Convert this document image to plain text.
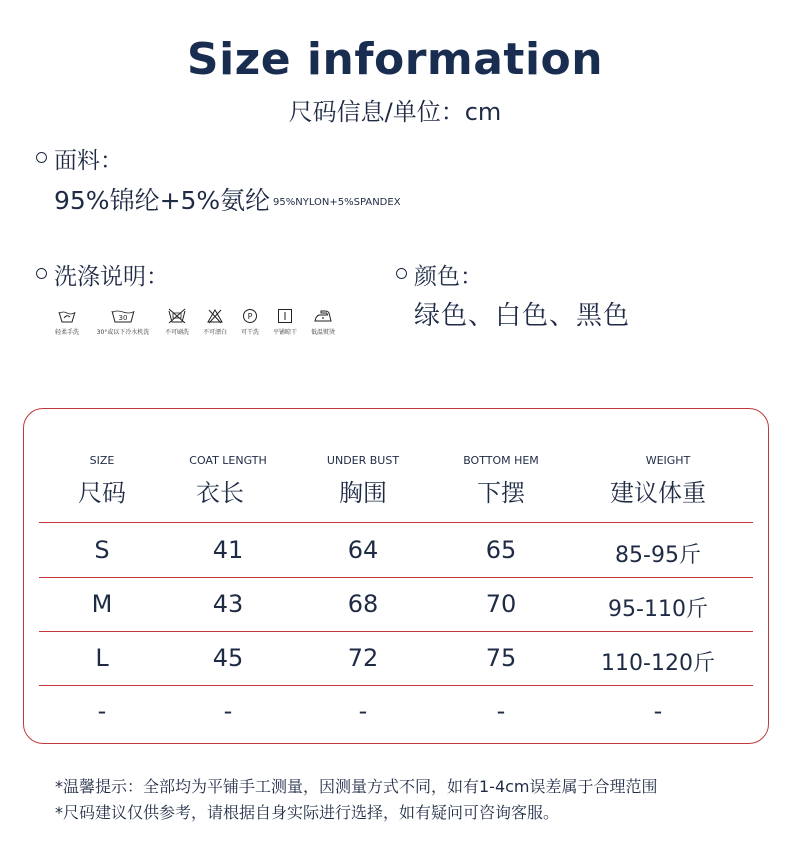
Size information
尺码信息/单位：cm
面料：
95%锦纶+5%氨纶 95%NYLON+5%SPANDEX
洗涤说明：
轻柔手洗
30
30°或以下冷水机洗	不可刷洗	不可漂白
P
可干洗	平铺晾干	低温熨烫
颜色：
绿色、白色、黑色
SIZE
尺码
COAT LENGTH
衣长
UNDER BUST
胸围
BOTTOM HEM
下摆
WEIGHT
建议体重
S	41	64	65	85-95斤
M	43	68	70	95-110斤
L	45	72	75	110-120斤
-	-	-	-	-
*温馨提示：全部均为平铺手工测量，因测量方式不同，如有1-4cm误差属于合理范围
*尺码建议仅供参考，请根据自身实际进行选择，如有疑问可咨询客服。
